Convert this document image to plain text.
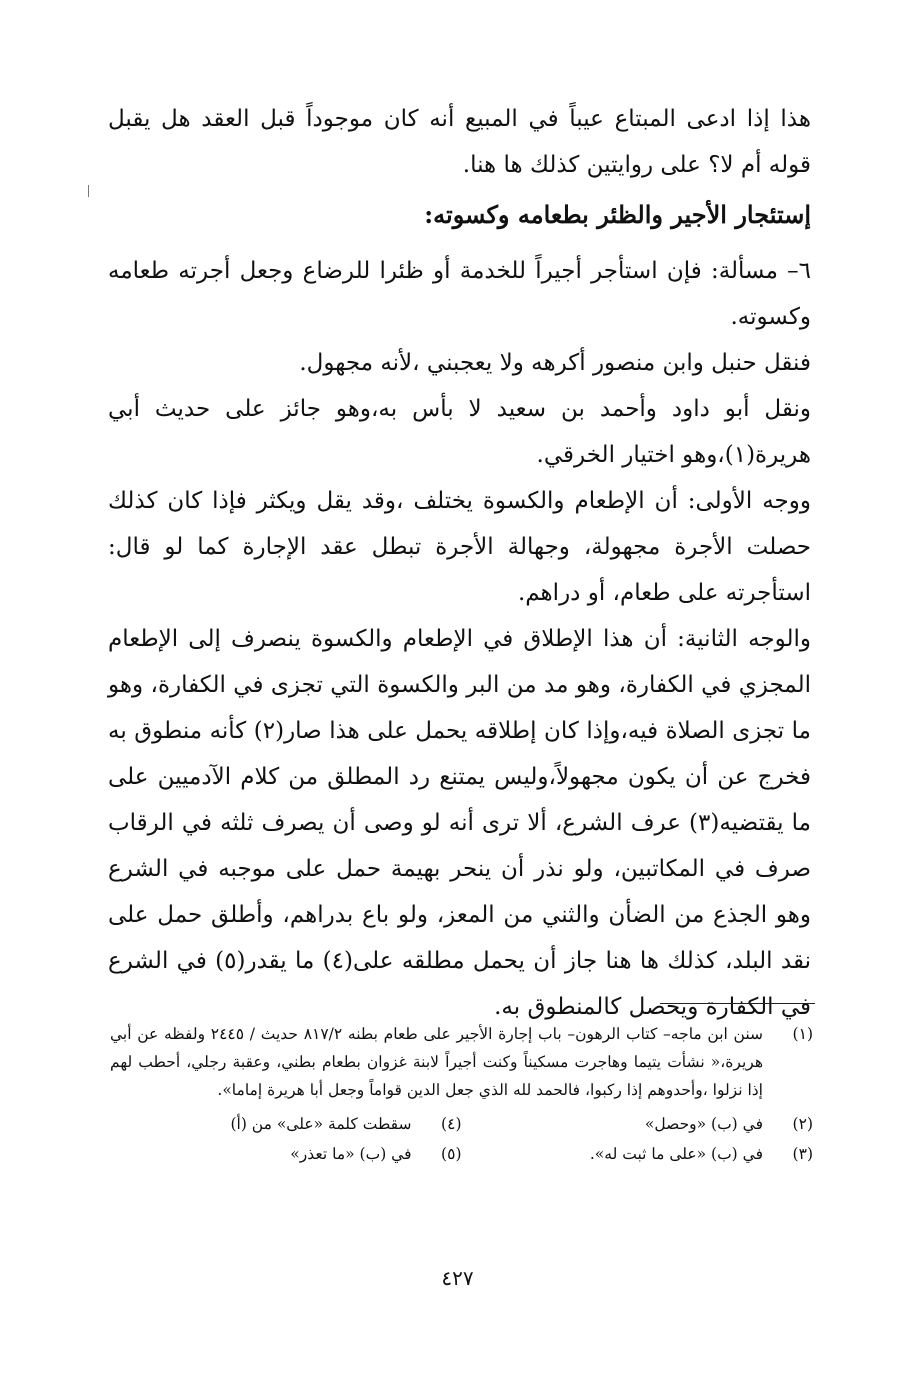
هذا إذا ادعى المبتاع عيباً في المبيع أنه كان موجوداً قبل العقد هل يقبل قوله أم لا؟ على روايتين كذلك ها هنا.

إستئجار الأجير والظئر بطعامه وكسوته:

٦– مسألة: فإن استأجر أجيراً للخدمة أو ظئرا للرضاع وجعل أجرته طعامه وكسوته.

فنقل حنبل وابن منصور أكرهه ولا يعجبني ،لأنه مجهول.

ونقل أبو داود وأحمد بن سعيد لا بأس به،وهو جائز على حديث أبي هريرة(١)،وهو اختيار الخرقي.

ووجه الأولى: أن الإطعام والكسوة يختلف ،وقد يقل ويكثر فإذا كان كذلك حصلت الأجرة مجهولة، وجهالة الأجرة تبطل عقد الإجارة كما لو قال: استأجرته على طعام، أو دراهم.

والوجه الثانية: أن هذا الإطلاق في الإطعام والكسوة ينصرف إلى الإطعام المجزي في الكفارة، وهو مد من البر والكسوة التي تجزى في الكفارة، وهو ما تجزى الصلاة فيه،وإذا كان إطلاقه يحمل على هذا صار(٢) كأنه منطوق به فخرج عن أن يكون مجهولاً،وليس يمتنع رد المطلق من كلام الآدميين على ما يقتضيه(٣) عرف الشرع، ألا ترى أنه لو وصى أن يصرف ثلثه في الرقاب صرف في المكاتبين، ولو نذر أن ينحر بهيمة حمل على موجبه في الشرع وهو الجذع من الضأن والثني من المعز، ولو باع بدراهم، وأطلق حمل على نقد البلد، كذلك ها هنا جاز أن يحمل مطلقه على(٤) ما يقدر(٥) في الشرع في الكفارة ويحصل كالمنطوق به.

(١)
سنن ابن ماجه– كتاب الرهون– باب إجارة الأجير على طعام بطنه ٨١٧/٢ حديث / ٢٤٤٥ ولفظه عن أبي هريرة،« نشأت يتيما وهاجرت مسكيناً وكنت أجيراً لابنة غزوان بطعام بطني، وعقبة رجلي، أحطب لهم إذا نزلوا ،وأحدوهم إذا ركبوا، فالحمد لله الذي جعل الدين قواماً وجعل أبا هريرة إماما».
(٢)
في (ب) «وحصل»
(٤)
سقطت كلمة «على» من (أ)
(٣)
في (ب) «على ما ثبت له».
(٥)
في (ب) «ما تعذر»
٤٢٧
